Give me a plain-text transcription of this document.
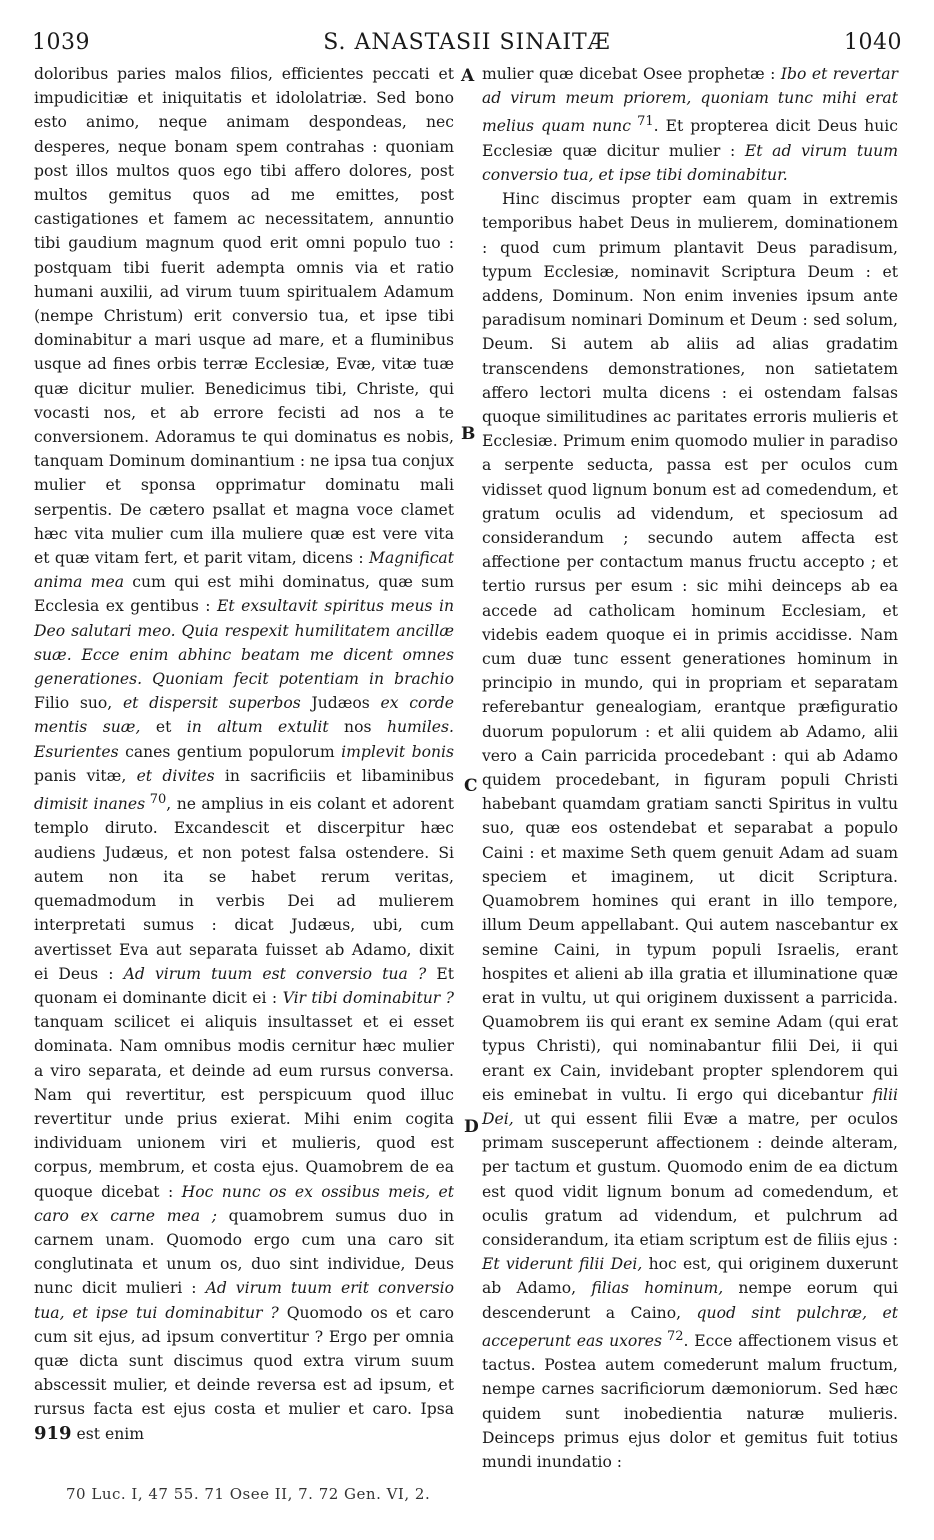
1039	S. ANASTASII SINAITÆ	1040

doloribus paries malos filios, efficientes peccati et impudicitiæ et iniquitatis et idololatriæ. Sed bono esto animo, neque animam despondeas, nec desperes, neque bonam spem contrahas : quoniam post illos multos quos ego tibi affero dolores, post multos gemitus quos ad me emittes, post castigationes et famem ac necessitatem, annuntio tibi gaudium magnum quod erit omni populo tuo : postquam tibi fuerit adempta omnis via et ratio humani auxilii, ad virum tuum spiritualem Adamum (nempe Christum) erit conversio tua, et ipse tibi dominabitur a mari usque ad mare, et a fluminibus usque ad fines orbis terræ Ecclesiæ, Evæ, vitæ tuæ quæ dicitur mulier. Benedicimus tibi, Christe, qui vocasti nos, et ab errore fecisti ad nos a te conversionem. Adoramus te qui dominatus es nobis, tanquam Dominum dominantium : ne ipsa tua conjux mulier et sponsa opprimatur dominatu mali serpentis. De cætero psallat et magna voce clamet hæc vita mulier cum illa muliere quæ est vere vita et quæ vitam fert, et parit vitam, dicens : Magnificat anima mea cum qui est mihi dominatus, quæ sum Ecclesia ex gentibus : Et exsultavit spiritus meus in Deo salutari meo. Quia respexit humilitatem ancillæ suæ. Ecce enim abhinc beatam me dicent omnes generationes. Quoniam fecit potentiam in brachio Filio suo, et dispersit superbos Judæos ex corde mentis suæ, et in altum extulit nos humiles. Esurientes canes gentium populorum implevit bonis panis vitæ, et divites in sacrificiis et libaminibus dimisit inanes $^{70}$, ne amplius in eis colant et adorent templo diruto. Excandescit et discerpitur hæc audiens Judæus, et non potest falsa ostendere. Si autem non ita se habet rerum veritas, quemadmodum in verbis Dei ad mulierem interpretati sumus : dicat Judæus, ubi, cum avertisset Eva aut separata fuisset ab Adamo, dixit ei Deus : Ad virum tuum est conversio tua ? Et quonam ei dominante dicit ei : Vir tibi dominabitur ? tanquam scilicet ei aliquis insultasset et ei esset dominata. Nam omnibus modis cernitur hæc mulier a viro separata, et deinde ad eum rursus conversa. Nam qui revertitur, est perspicuum quod illuc revertitur unde prius exierat. Mihi enim cogita individuam unionem viri et mulieris, quod est corpus, membrum, et costa ejus. Quamobrem de ea quoque dicebat : Hoc nunc os ex ossibus meis, et caro ex carne mea ; quamobrem sumus duo in carnem unam. Quomodo ergo cum una caro sit conglutinata et unum os, duo sint individue, Deus nunc dicit mulieri : Ad virum tuum erit conversio tua, et ipse tui dominabitur ? Quomodo os et caro cum sit ejus, ad ipsum convertitur ? Ergo per omnia quæ dicta sunt discimus quod extra virum suum abscessit mulier, et deinde reversa est ad ipsum, et rursus facta est ejus costa et mulier et caro. Ipsa 919 est enim

A
B
C
D

mulier quæ dicebat Osee prophetæ : Ibo et revertar ad virum meum priorem, quoniam tunc mihi erat melius quam nunc $^{71}$. Et propterea dicit Deus huic Ecclesiæ quæ dicitur mulier : Et ad virum tuum conversio tua, et ipse tibi dominabitur.

Hinc discimus propter eam quam in extremis temporibus habet Deus in mulierem, dominationem : quod cum primum plantavit Deus paradisum, typum Ecclesiæ, nominavit Scriptura Deum : et addens, Dominum. Non enim invenies ipsum ante paradisum nominari Dominum et Deum : sed solum, Deum. Si autem ab aliis ad alias gradatim transcendens demonstrationes, non satietatem affero lectori multa dicens : ei ostendam falsas quoque similitudines ac paritates erroris mulieris et Ecclesiæ. Primum enim quomodo mulier in paradiso a serpente seducta, passa est per oculos cum vidisset quod lignum bonum est ad comedendum, et gratum oculis ad videndum, et speciosum ad considerandum ; secundo autem affecta est affectione per contactum manus fructu accepto ; et tertio rursus per esum : sic mihi deinceps ab ea accede ad catholicam hominum Ecclesiam, et videbis eadem quoque ei in primis accidisse. Nam cum duæ tunc essent generationes hominum in principio in mundo, qui in propriam et separatam referebantur genealogiam, erantque præfiguratio duorum populorum : et alii quidem ab Adamo, alii vero a Cain parricida procedebant : qui ab Adamo quidem procedebant, in figuram populi Christi habebant quamdam gratiam sancti Spiritus in vultu suo, quæ eos ostendebat et separabat a populo Caini : et maxime Seth quem genuit Adam ad suam speciem et imaginem, ut dicit Scriptura. Quamobrem homines qui erant in illo tempore, illum Deum appellabant. Qui autem nascebantur ex semine Caini, in typum populi Israelis, erant hospites et alieni ab illa gratia et illuminatione quæ erat in vultu, ut qui originem duxissent a parricida. Quamobrem iis qui erant ex semine Adam (qui erat typus Christi), qui nominabantur filii Dei, ii qui erant ex Cain, invidebant propter splendorem qui eis eminebat in vultu. Ii ergo qui dicebantur filii Dei, ut qui essent filii Evæ a matre, per oculos primam susceperunt affectionem : deinde alteram, per tactum et gustum. Quomodo enim de ea dictum est quod vidit lignum bonum ad comedendum, et oculis gratum ad videndum, et pulchrum ad considerandum, ita etiam scriptum est de filiis ejus : Et viderunt filii Dei, hoc est, qui originem duxerunt ab Adamo, filias hominum, nempe eorum qui descenderunt a Caino, quod sint pulchræ, et acceperunt eas uxores $^{72}$. Ecce affectionem visus et tactus. Postea autem comederunt malum fructum, nempe carnes sacrificiorum dæmoniorum. Sed hæc quidem sunt inobedientia naturæ mulieris. Deinceps primus ejus dolor et gemitus fuit totius mundi inundatio :

70 Luc. I, 47 55. 71 Osee II, 7. 72 Gen. VI, 2.
